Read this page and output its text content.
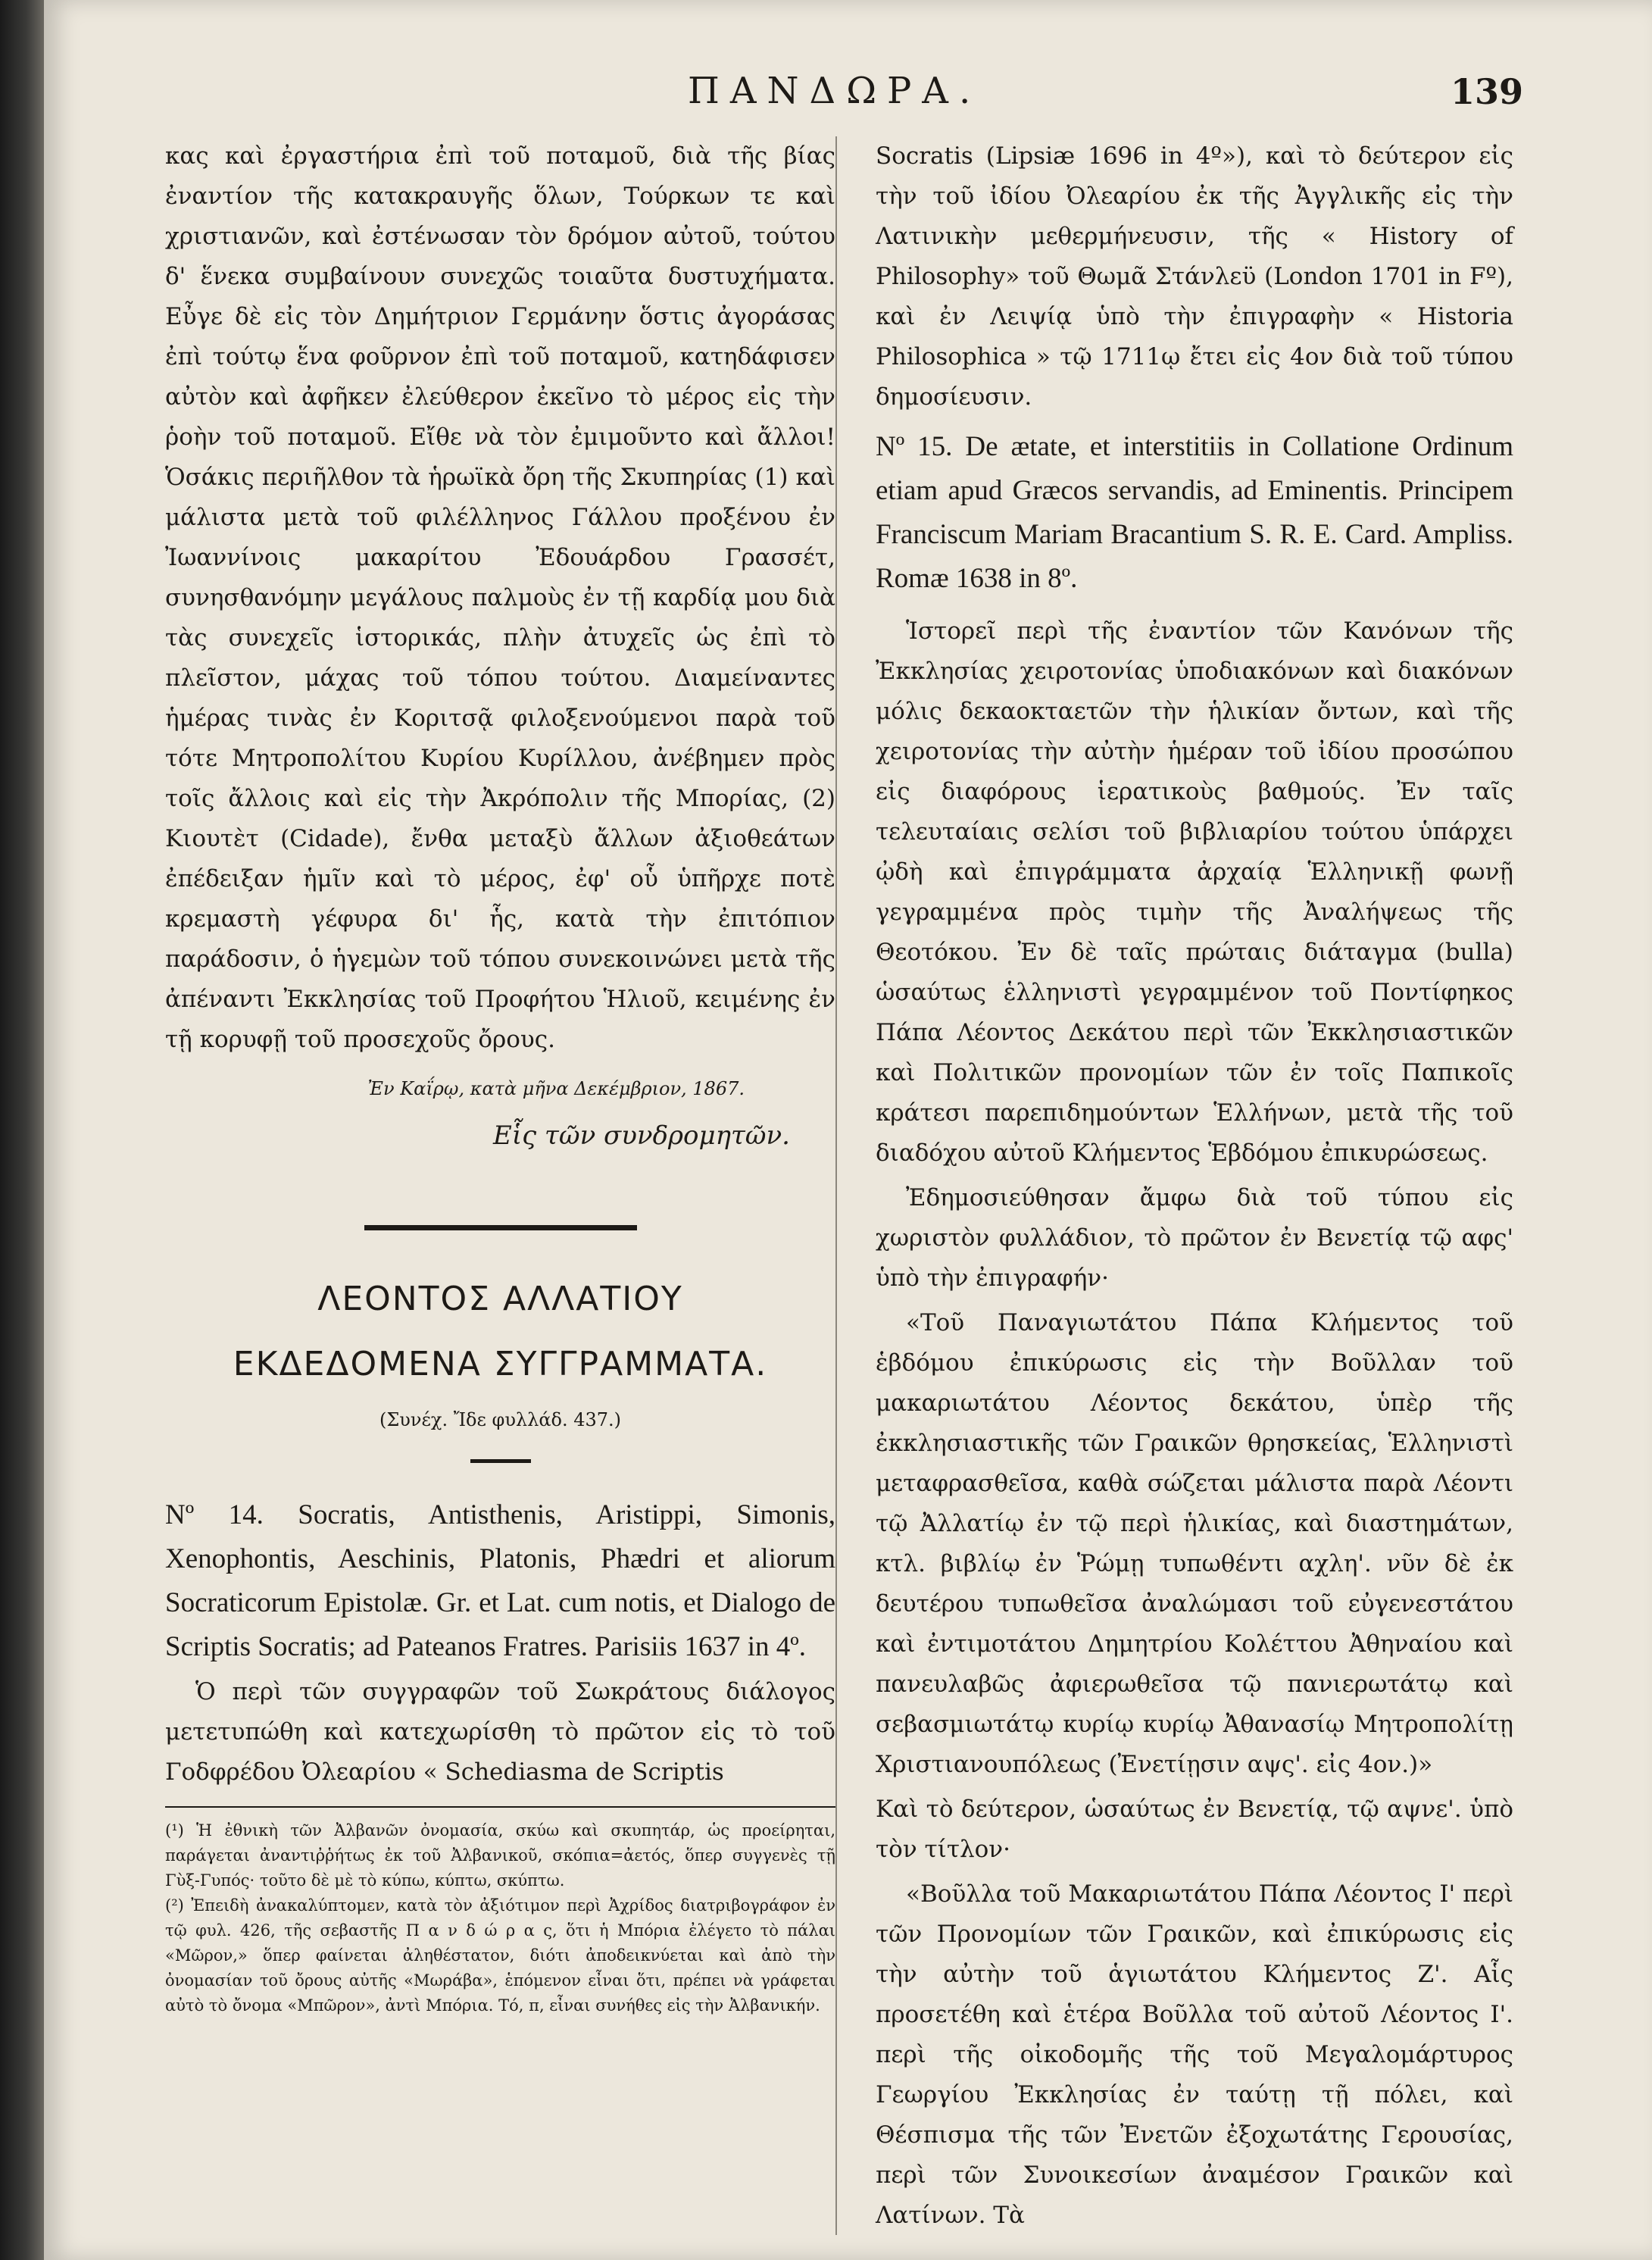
ΠΑΝΔΩΡΑ.	139

κας καὶ ἐργαστήρια ἐπὶ τοῦ ποταμοῦ, διὰ τῆς βίας ἐναντίον τῆς κατακραυγῆς ὅλων, Τούρκων τε καὶ χριστιανῶν, καὶ ἐστένωσαν τὸν δρόμον αὐτοῦ, τούτου δ' ἕνεκα συμβαίνουν συνεχῶς τοιαῦτα δυστυχήματα. Εὖγε δὲ εἰς τὸν Δημήτριον Γερμάνην ὅστις ἀγοράσας ἐπὶ τούτῳ ἕνα φοῦρνον ἐπὶ τοῦ ποταμοῦ, κατηδάφισεν αὐτὸν καὶ ἀφῆκεν ἐλεύθερον ἐκεῖνο τὸ μέρος εἰς τὴν ῥοὴν τοῦ ποταμοῦ. Εἴθε νὰ τὸν ἐμιμοῦντο καὶ ἄλλοι! Ὁσάκις περιῆλθον τὰ ἡρωϊκὰ ὄρη τῆς Σκυπηρίας (1) καὶ μάλιστα μετὰ τοῦ φιλέλληνος Γάλλου προξένου ἐν Ἰωαννίνοις μακαρίτου Ἐδουάρδου Γρασσέτ, συνησθανόμην μεγάλους παλμοὺς ἐν τῇ καρδίᾳ μου διὰ τὰς συνεχεῖς ἱστορικάς, πλὴν ἀτυχεῖς ὡς ἐπὶ τὸ πλεῖστον, μάχας τοῦ τόπου τούτου. Διαμείναντες ἡμέρας τινὰς ἐν Κοριτσᾷ φιλοξενούμενοι παρὰ τοῦ τότε Μητροπολίτου Κυρίου Κυρίλλου, ἀνέβημεν πρὸς τοῖς ἄλλοις καὶ εἰς τὴν Ἀκρόπολιν τῆς Μπορίας, (2) Κιουτὲτ (Cidade), ἔνθα μεταξὺ ἄλλων ἀξιοθεάτων ἐπέδειξαν ἡμῖν καὶ τὸ μέρος, ἐφ' οὗ ὑπῆρχε ποτὲ κρεμαστὴ γέφυρα δι' ἧς, κατὰ τὴν ἐπιτόπιον παράδοσιν, ὁ ἡγεμὼν τοῦ τόπου συνεκοινώνει μετὰ τῆς ἀπέναντι Ἐκκλησίας τοῦ Προφήτου Ἡλιοῦ, κειμένης ἐν τῇ κορυφῇ τοῦ προσεχοῦς ὄρους.

Ἐν Καΐρῳ, κατὰ μῆνα Δεκέμβριον, 1867.
Εἷς τῶν συνδρομητῶν.
ΛΕΟΝΤΟΣ ΑΛΛΑΤΙΟΥ
ΕΚΔΕΔΟΜΕΝΑ ΣΥΓΓΡΑΜΜΑΤΑ.
(Συνέχ. Ἴδε φυλλάδ. 437.)

Nº 14. Socratis, Antisthenis, Aristippi, Simonis, Xenophontis, Aeschinis, Platonis, Phædri et aliorum Socraticorum Epistolæ. Gr. et Lat. cum notis, et Dialogo de Scriptis Socratis; ad Pateanos Fratres. Parisiis 1637 in 4º.

Ὁ περὶ τῶν συγγραφῶν τοῦ Σωκράτους διάλογος μετετυπώθη καὶ κατεχωρίσθη τὸ πρῶτον εἰς τὸ τοῦ Γοδφρέδου Ὀλεαρίου « Schediasma de Scriptis

(¹) Ἡ ἐθνικὴ τῶν Ἀλβανῶν ὀνομασία, σκύω καὶ σκυπητάρ, ὡς προείρηται, παράγεται ἀναντιῤῥήτως ἐκ τοῦ Ἀλβανικοῦ, σκόπια=ἀετός, ὅπερ συγγενὲς τῇ Γὺξ-Γυπός· τοῦτο δὲ μὲ τὸ κύπω, κύπτω, σκύπτω.

(²) Ἐπειδὴ ἀνακαλύπτομεν, κατὰ τὸν ἀξιότιμον περὶ Ἀχρίδος διατριβογράφον ἐν τῷ φυλ. 426, τῆς σεβαστῆς Π α ν δ ώ ρ α ς, ὅτι ἡ Μπόρια ἐλέγετο τὸ πάλαι «Μῶρον,» ὅπερ φαίνεται ἀληθέστατον, διότι ἀποδεικνύεται καὶ ἀπὸ τὴν ὀνομασίαν τοῦ ὄρους αὐτῆς «Μωράβα», ἑπόμενον εἶναι ὅτι, πρέπει νὰ γράφεται αὐτὸ τὸ ὄνομα «Μπῶρον», ἀντὶ Μπόρια. Τό, π, εἶναι συνήθες εἰς τὴν Ἀλβανικήν.

Socratis (Lipsiæ 1696 in 4º»), καὶ τὸ δεύτερον εἰς τὴν τοῦ ἰδίου Ὀλεαρίου ἐκ τῆς Ἀγγλικῆς εἰς τὴν Λατινικὴν μεθερμήνευσιν, τῆς « History of Philosophy» τοῦ Θωμᾶ Στάνλεϋ (London 1701 in Fº), καὶ ἐν Λειψίᾳ ὑπὸ τὴν ἐπιγραφὴν « Historia Philosophica » τῷ 1711ῳ ἔτει εἰς 4ον διὰ τοῦ τύπου δημοσίευσιν.

Nº 15. De ætate, et interstitiis in Collatione Ordinum etiam apud Græcos servandis, ad Eminentis. Principem Franciscum Mariam Bracantium S. R. E. Card. Ampliss. Romæ 1638 in 8º.

Ἱστορεῖ περὶ τῆς ἐναντίον τῶν Κανόνων τῆς Ἐκκλησίας χειροτονίας ὑποδιακόνων καὶ διακόνων μόλις δεκαοκταετῶν τὴν ἡλικίαν ὄντων, καὶ τῆς χειροτονίας τὴν αὐτὴν ἡμέραν τοῦ ἰδίου προσώπου εἰς διαφόρους ἱερατικοὺς βαθμούς. Ἐν ταῖς τελευταίαις σελίσι τοῦ βιβλιαρίου τούτου ὑπάρχει ᾠδὴ καὶ ἐπιγράμματα ἀρχαίᾳ Ἑλληνικῇ φωνῇ γεγραμμένα πρὸς τιμὴν τῆς Ἀναλήψεως τῆς Θεοτόκου. Ἐν δὲ ταῖς πρώταις διάταγμα (bulla) ὡσαύτως ἑλληνιστὶ γεγραμμένον τοῦ Ποντίφηκος Πάπα Λέοντος Δεκάτου περὶ τῶν Ἐκκλησιαστικῶν καὶ Πολιτικῶν προνομίων τῶν ἐν τοῖς Παπικοῖς κράτεσι παρεπιδημούντων Ἑλλήνων, μετὰ τῆς τοῦ διαδόχου αὐτοῦ Κλήμεντος Ἑβδόμου ἐπικυρώσεως.

Ἐδημοσιεύθησαν ἄμφω διὰ τοῦ τύπου εἰς χωριστὸν φυλλάδιον, τὸ πρῶτον ἐν Βενετίᾳ τῷ αφς' ὑπὸ τὴν ἐπιγραφήν·

«Τοῦ Παναγιωτάτου Πάπα Κλήμεντος τοῦ ἑβδόμου ἐπικύρωσις εἰς τὴν Βοῦλλαν τοῦ μακαριωτάτου Λέοντος δεκάτου, ὑπὲρ τῆς ἐκκλησιαστικῆς τῶν Γραικῶν θρησκείας, Ἑλληνιστὶ μεταφρασθεῖσα, καθὰ σώζεται μάλιστα παρὰ Λέοντι τῷ Ἀλλατίῳ ἐν τῷ περὶ ἡλικίας, καὶ διαστημάτων, κτλ. βιβλίῳ ἐν Ῥώμῃ τυπωθέντι αχλη'. νῦν δὲ ἐκ δευτέρου τυπωθεῖσα ἀναλώμασι τοῦ εὐγενεστάτου καὶ ἐντιμοτάτου Δημητρίου Κολέττου Ἀθηναίου καὶ πανευλαβῶς ἀφιερωθεῖσα τῷ πανιερωτάτῳ καὶ σεβασμιωτάτῳ κυρίῳ κυρίῳ Ἀθανασίῳ Μητροπολίτῃ Χριστιανουπόλεως (Ἐνετίῃσιν αψς'. εἰς 4ον.)»

Καὶ τὸ δεύτερον, ὡσαύτως ἐν Βενετίᾳ, τῷ αψνε'. ὑπὸ τὸν τίτλον·

«Βοῦλλα τοῦ Μακαριωτάτου Πάπα Λέοντος Ι' περὶ τῶν Προνομίων τῶν Γραικῶν, καὶ ἐπικύρωσις εἰς τὴν αὐτὴν τοῦ ἁγιωτάτου Κλήμεντος Ζ'. Αἷς προσετέθη καὶ ἑτέρα Βοῦλλα τοῦ αὐτοῦ Λέοντος Ι'. περὶ τῆς οἰκοδομῆς τῆς τοῦ Μεγαλομάρτυρος Γεωργίου Ἐκκλησίας ἐν ταύτῃ τῇ πόλει, καὶ Θέσπισμα τῆς τῶν Ἐνετῶν ἐξοχωτάτης Γερουσίας, περὶ τῶν Συνοικεσίων ἀναμέσον Γραικῶν καὶ Λατίνων. Τὰ
